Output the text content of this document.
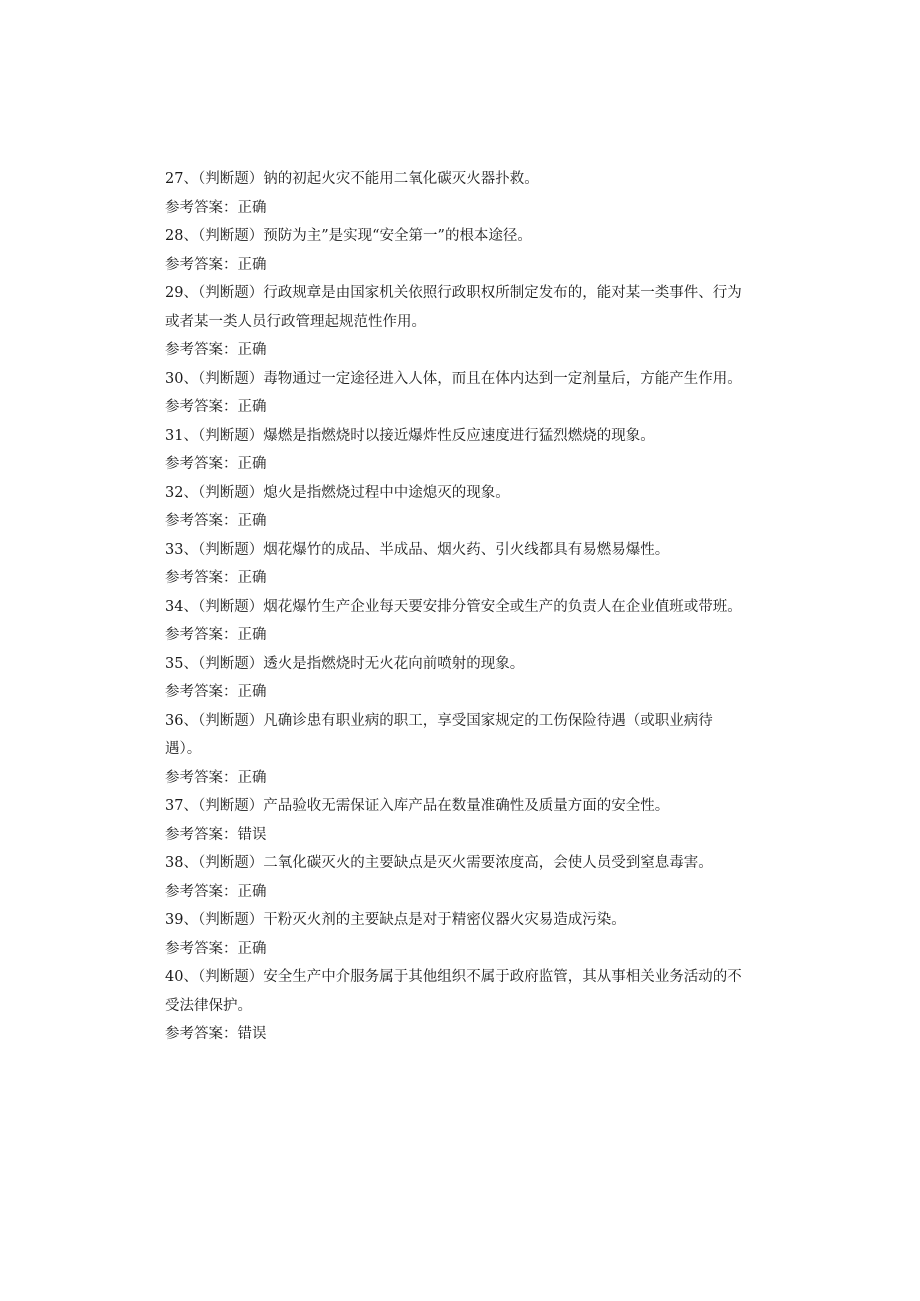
27、（判断题）钠的初起火灾不能用二氧化碳灭火器扑救。

参考答案：正确

28、（判断题）预防为主”是实现“安全第一”的根本途径。

参考答案：正确

29、（判断题）行政规章是由国家机关依照行政职权所制定发布的，能对某一类事件、行为或者某一类人员行政管理起规范性作用。

参考答案：正确

30、（判断题）毒物通过一定途径进入人体，而且在体内达到一定剂量后，方能产生作用。

参考答案：正确

31、（判断题）爆燃是指燃烧时以接近爆炸性反应速度进行猛烈燃烧的现象。

参考答案：正确

32、（判断题）熄火是指燃烧过程中中途熄灭的现象。

参考答案：正确

33、（判断题）烟花爆竹的成品、半成品、烟火药、引火线都具有易燃易爆性。

参考答案：正确

34、（判断题）烟花爆竹生产企业每天要安排分管安全或生产的负责人在企业值班或带班。

参考答案：正确

35、（判断题）透火是指燃烧时无火花向前喷射的现象。

参考答案：正确

36、（判断题）凡确诊患有职业病的职工，享受国家规定的工伤保险待遇（或职业病待遇）。

参考答案：正确

37、（判断题）产品验收无需保证入库产品在数量准确性及质量方面的安全性。

参考答案：错误

38、（判断题）二氧化碳灭火的主要缺点是灭火需要浓度高，会使人员受到窒息毒害。

参考答案：正确

39、（判断题）干粉灭火剂的主要缺点是对于精密仪器火灾易造成污染。

参考答案：正确

40、（判断题）安全生产中介服务属于其他组织不属于政府监管，其从事相关业务活动的不受法律保护。

参考答案：错误
